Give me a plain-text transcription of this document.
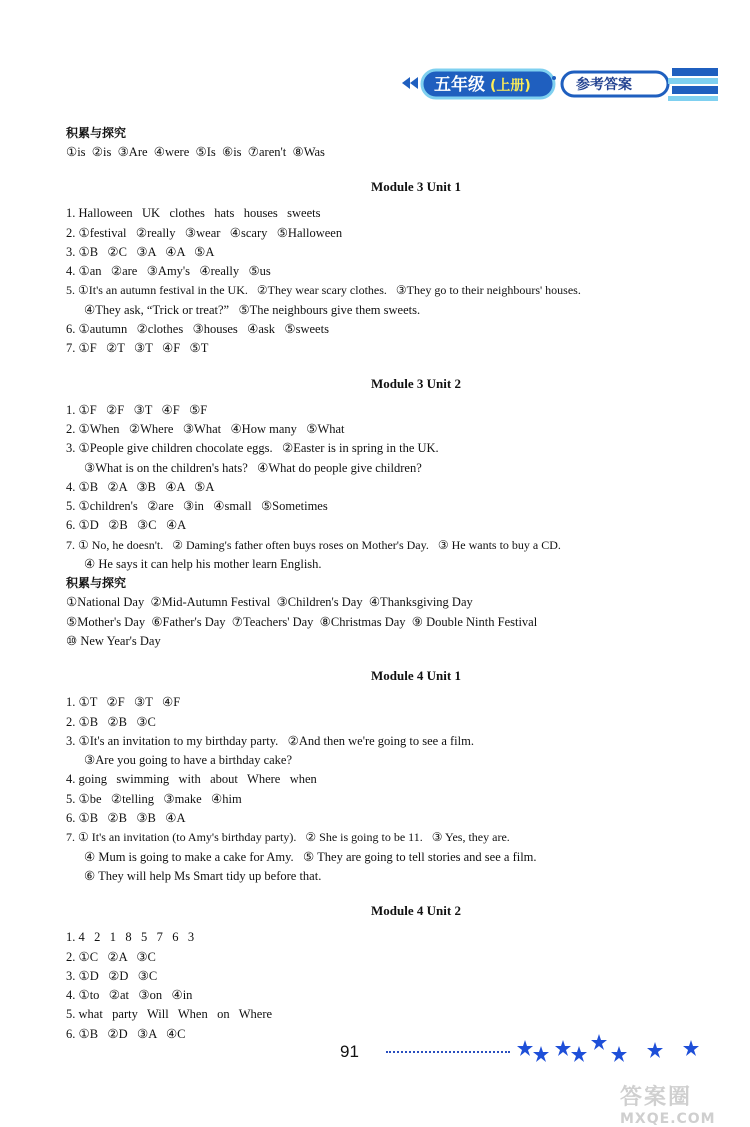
五年级 (上册)	参考答案
积累与探究
①is  ②is  ③Are  ④were  ⑤Is  ⑥is  ⑦aren't  ⑧Was
Module 3 Unit 1
1. Halloween   UK   clothes   hats   houses   sweets
2. ①festival   ②really   ③wear   ④scary   ⑤Halloween
3. ①B   ②C   ③A   ④A   ⑤A
4. ①an   ②are   ③Amy's   ④really   ⑤us
5. ①It's an autumn festival in the UK.   ②They wear scary clothes.   ③They go to their neighbours' houses.
④They ask, “Trick or treat?”   ⑤The neighbours give them sweets.
6. ①autumn   ②clothes   ③houses   ④ask   ⑤sweets
7. ①F   ②T   ③T   ④F   ⑤T
Module 3 Unit 2
1. ①F   ②F   ③T   ④F   ⑤F
2. ①When   ②Where   ③What   ④How many   ⑤What
3. ①People give children chocolate eggs.   ②Easter is in spring in the UK.
③What is on the children's hats?   ④What do people give children?
4. ①B   ②A   ③B   ④A   ⑤A
5. ①children's   ②are   ③in   ④small   ⑤Sometimes
6. ①D   ②B   ③C   ④A
7. ① No, he doesn't.   ② Daming's father often buys roses on Mother's Day.   ③ He wants to buy a CD.
④ He says it can help his mother learn English.
积累与探究
①National Day  ②Mid-Autumn Festival  ③Children's Day  ④Thanksgiving Day
⑤Mother's Day  ⑥Father's Day  ⑦Teachers' Day  ⑧Christmas Day  ⑨ Double Ninth Festival
⑩ New Year's Day
Module 4 Unit 1
1. ①T   ②F   ③T   ④F
2. ①B   ②B   ③C
3. ①It's an invitation to my birthday party.   ②And then we're going to see a film.
③Are you going to have a birthday cake?
4. going   swimming   with   about   Where   when
5. ①be   ②telling   ③make   ④him
6. ①B   ②B   ③B   ④A
7. ① It's an invitation (to Amy's birthday party).   ② She is going to be 11.   ③ Yes, they are.
④ Mum is going to make a cake for Amy.   ⑤ They are going to tell stories and see a film.
⑥ They will help Ms Smart tidy up before that.
Module 4 Unit 2
1. 4   2   1   8   5   7   6   3
2. ①C   ②A   ③C
3. ①D   ②D   ③C
4. ①to   ②at   ③on   ④in
5. what   party   Will   When   on   Where
6. ①B   ②D   ③A   ④C
91
答案圈
MXQE.COM
